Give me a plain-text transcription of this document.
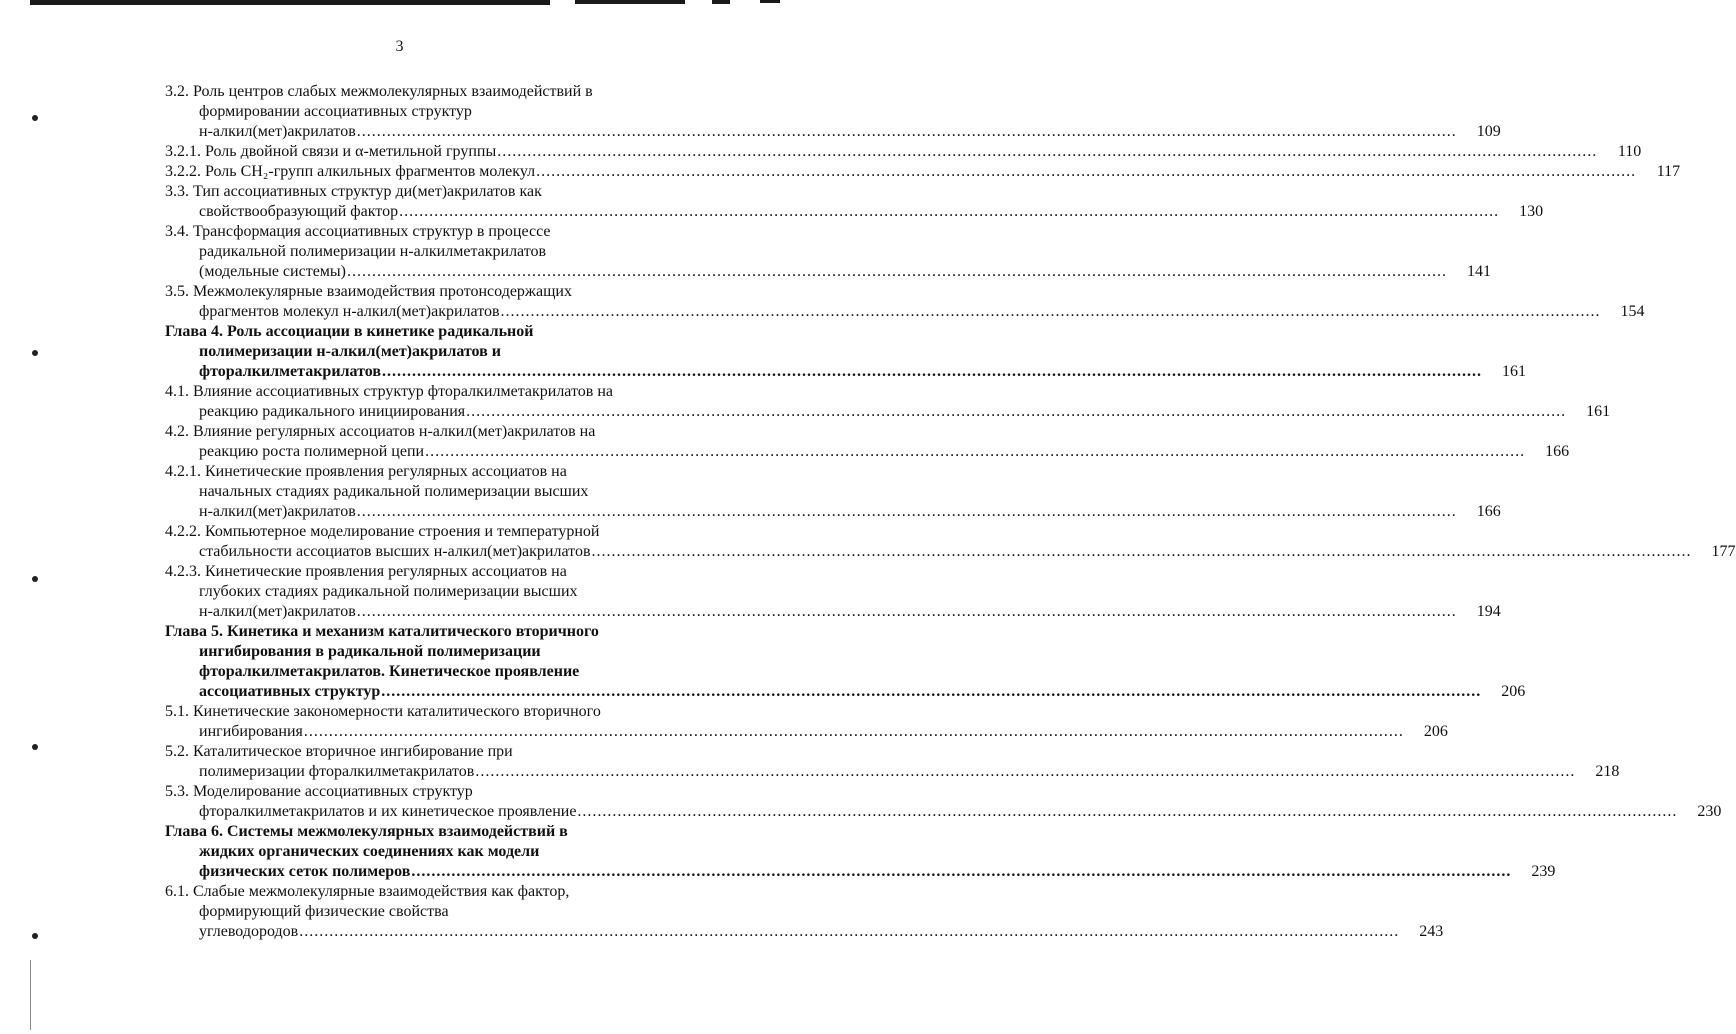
3
3.2. Роль центров слабых межмолекулярных взаимодействий в
формировании ассоциативных структур
н-алкил(мет)акрилатов ............................................................................................................................................................................................................................	109
3.2.1. Роль двойной связи и α-метильной группы ............................................................................................................................................................................................................................	110
3.2.2. Роль CH₂-групп алкильных фрагментов молекул ............................................................................................................................................................................................................................	117
3.3. Тип ассоциативных структур ди(мет)акрилатов как
свойствообразующий фактор ............................................................................................................................................................................................................................	130
3.4. Трансформация ассоциативных структур в процессе
радикальной полимеризации н-алкилметакрилатов
(модельные системы) ............................................................................................................................................................................................................................	141
3.5. Межмолекулярные взаимодействия протонсодержащих
фрагментов молекул н-алкил(мет)акрилатов ............................................................................................................................................................................................................................	154
Глава 4. Роль ассоциации в кинетике радикальной
полимеризации н-алкил(мет)акрилатов и
фторалкилметакрилатов ............................................................................................................................................................................................................................	161
4.1. Влияние ассоциативных структур фторалкилметакрилатов на
реакцию радикального инициирования ............................................................................................................................................................................................................................	161
4.2. Влияние регулярных ассоциатов н-алкил(мет)акрилатов на
реакцию роста полимерной цепи ............................................................................................................................................................................................................................	166
4.2.1. Кинетические проявления регулярных ассоциатов на
начальных стадиях радикальной полимеризации высших
н-алкил(мет)акрилатов ............................................................................................................................................................................................................................	166
4.2.2. Компьютерное моделирование строения и температурной
стабильности ассоциатов высших н-алкил(мет)акрилатов ............................................................................................................................................................................................................................	177
4.2.3. Кинетические проявления регулярных ассоциатов на
глубоких стадиях радикальной полимеризации высших
н-алкил(мет)акрилатов ............................................................................................................................................................................................................................	194
Глава 5. Кинетика и механизм каталитического вторичного
ингибирования в радикальной полимеризации
фторалкилметакрилатов. Кинетическое проявление
ассоциативных структур ............................................................................................................................................................................................................................	206
5.1. Кинетические закономерности каталитического вторичного
ингибирования ............................................................................................................................................................................................................................	206
5.2. Каталитическое вторичное ингибирование при
полимеризации фторалкилметакрилатов ............................................................................................................................................................................................................................	218
5.3. Моделирование ассоциативных структур
фторалкилметакрилатов и их кинетическое проявление ............................................................................................................................................................................................................................	230
Глава 6. Системы межмолекулярных взаимодействий в
жидких органических соединениях как модели
физических сеток полимеров ............................................................................................................................................................................................................................	239
6.1. Слабые межмолекулярные взаимодействия как фактор,
формирующий физические свойства
углеводородов ............................................................................................................................................................................................................................	243
